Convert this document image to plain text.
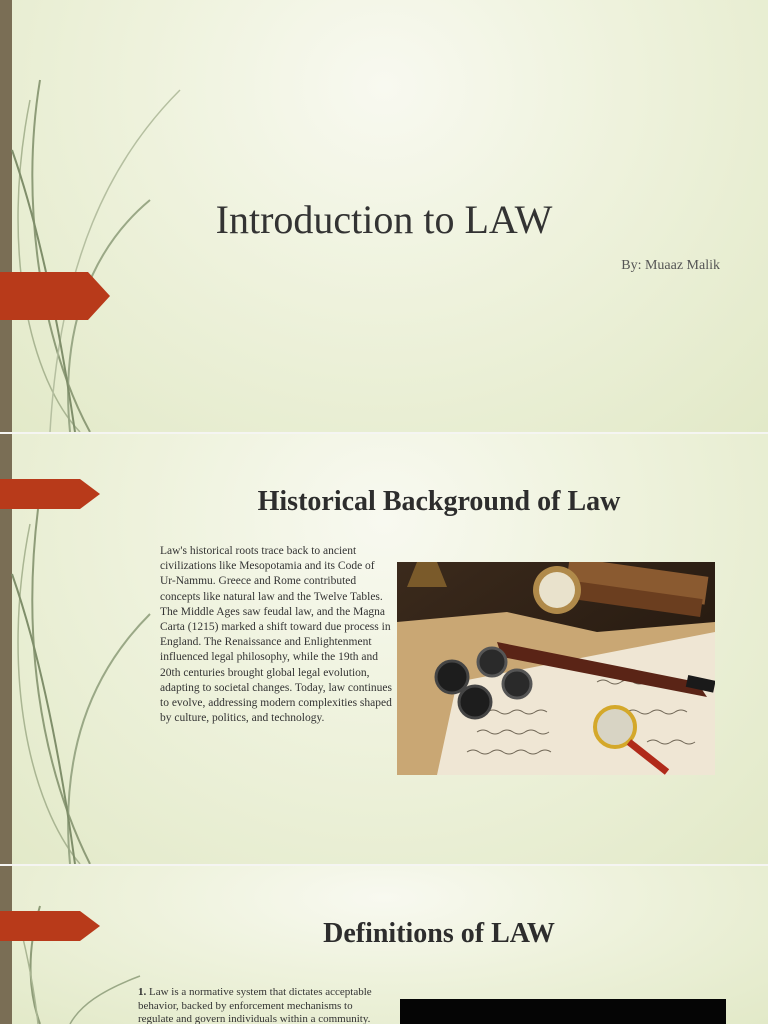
Introduction to LAW
By: Muaaz Malik
Historical Background of Law
Law's historical roots trace back to ancient civilizations like Mesopotamia and its Code of Ur-Nammu. Greece and Rome contributed concepts like natural law and the Twelve Tables. The Middle Ages saw feudal law, and the Magna Carta (1215) marked a shift toward due process in England. The Renaissance and Enlightenment influenced legal philosophy, while the 19th and 20th centuries brought global legal evolution, adapting to societal changes. Today, law continues to evolve, addressing modern complexities shaped by culture, politics, and technology.
Definitions of LAW
1. Law is a normative system that dictates acceptable behavior, backed by enforcement mechanisms to regulate and govern individuals within a community.
